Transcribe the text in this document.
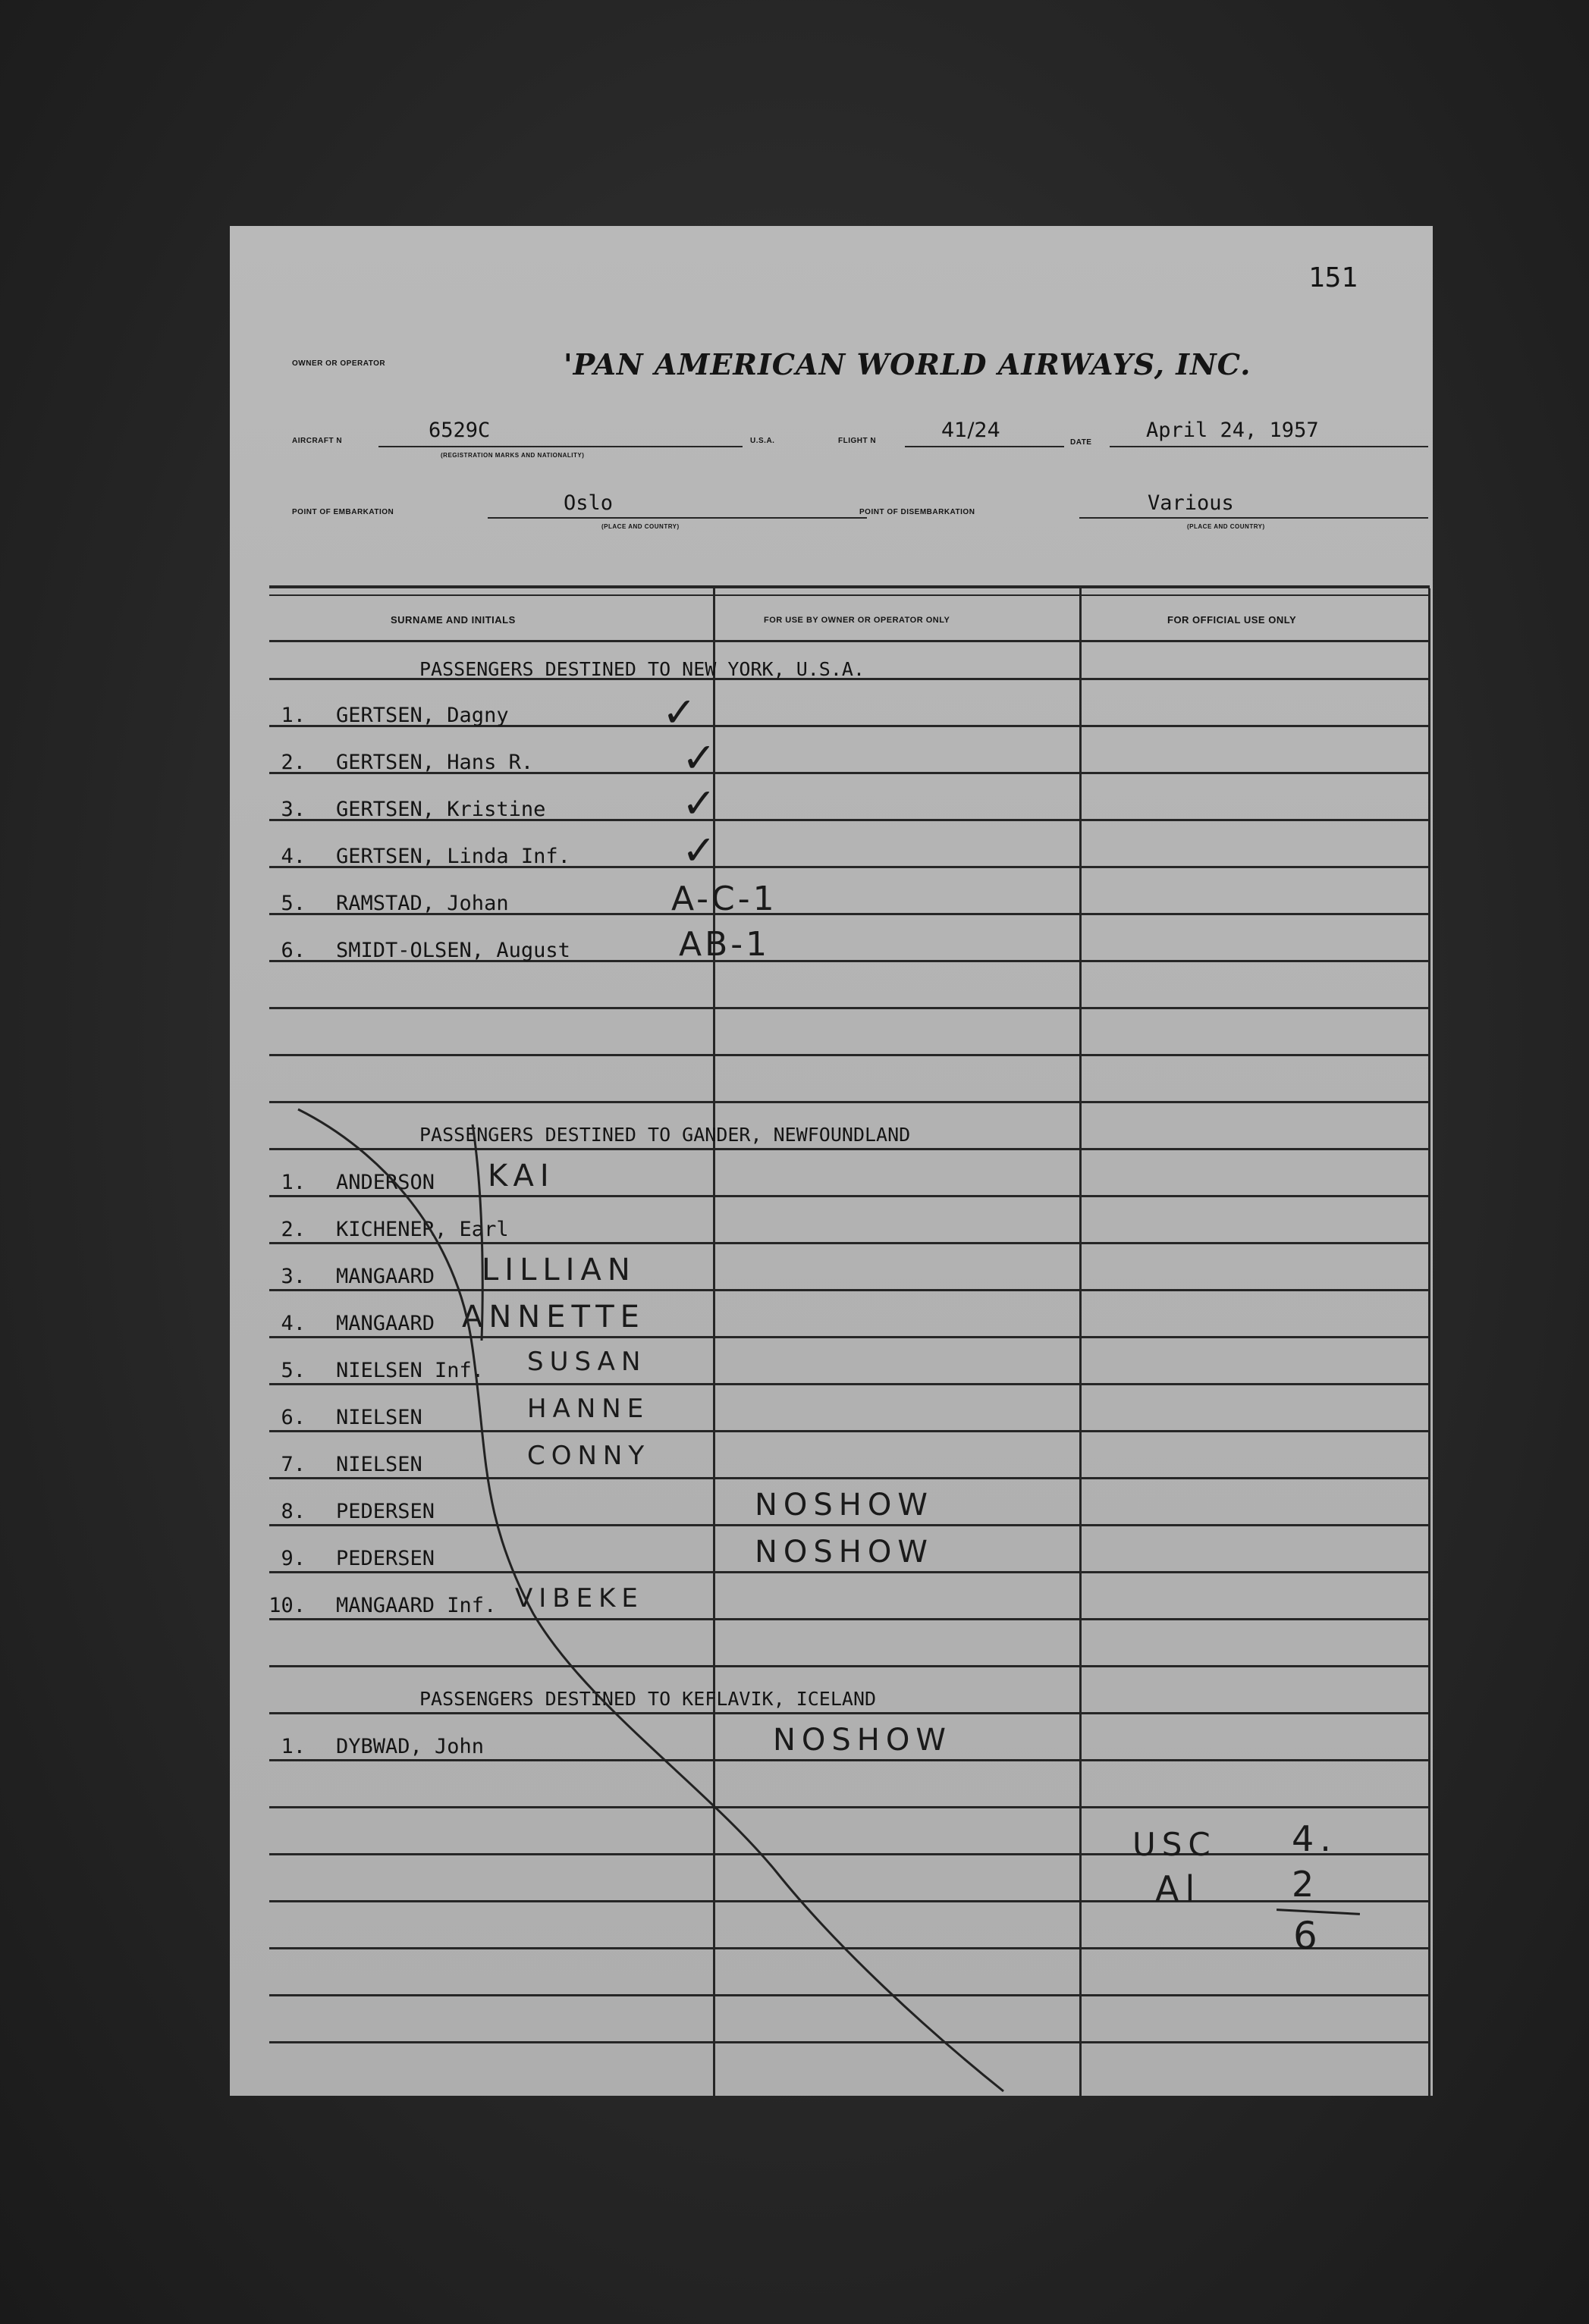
151
OWNER OR OPERATOR	'PAN AMERICAN WORLD AIRWAYS, INC.
AIRCRAFT N	6529C
(REGISTRATION MARKS AND NATIONALITY)
U.S.A.	FLIGHT N	41/24
DATE
April 24, 1957
POINT OF EMBARKATION	Oslo
(PLACE AND COUNTRY)
POINT OF DISEMBARKATION	Various
(PLACE AND COUNTRY)
SURNAME AND INITIALS	FOR USE BY OWNER OR OPERATOR ONLY	FOR OFFICIAL USE ONLY
PASSENGERS DESTINED TO NEW YORK, U.S.A.
1. GERTSEN, Dagny	✓
2. GERTSEN, Hans R.	✓
3. GERTSEN, Kristine	✓
4. GERTSEN, Linda Inf.	✓
5. RAMSTAD, Johan	A-C-1
6. SMIDT-OLSEN, August	AB-1
PASSENGERS DESTINED TO GANDER, NEWFOUNDLAND
1. ANDERSON KAI
2. KICHENER, Earl
3. MANGAARD LILLIAN
4. MANGAARD ANNETTE
5. NIELSEN Inf. SUSAN
6. NIELSEN	HANNE
7. NIELSEN	CONNY
8. PEDERSEN	NOSHOW
9. PEDERSEN	NOSHOW
10. MANGAARD Inf. VIBEKE
PASSENGERS DESTINED TO KEFLAVIK, ICELAND
1. DYBWAD, John	NOSHOW
USC 4.
Al	2
6
